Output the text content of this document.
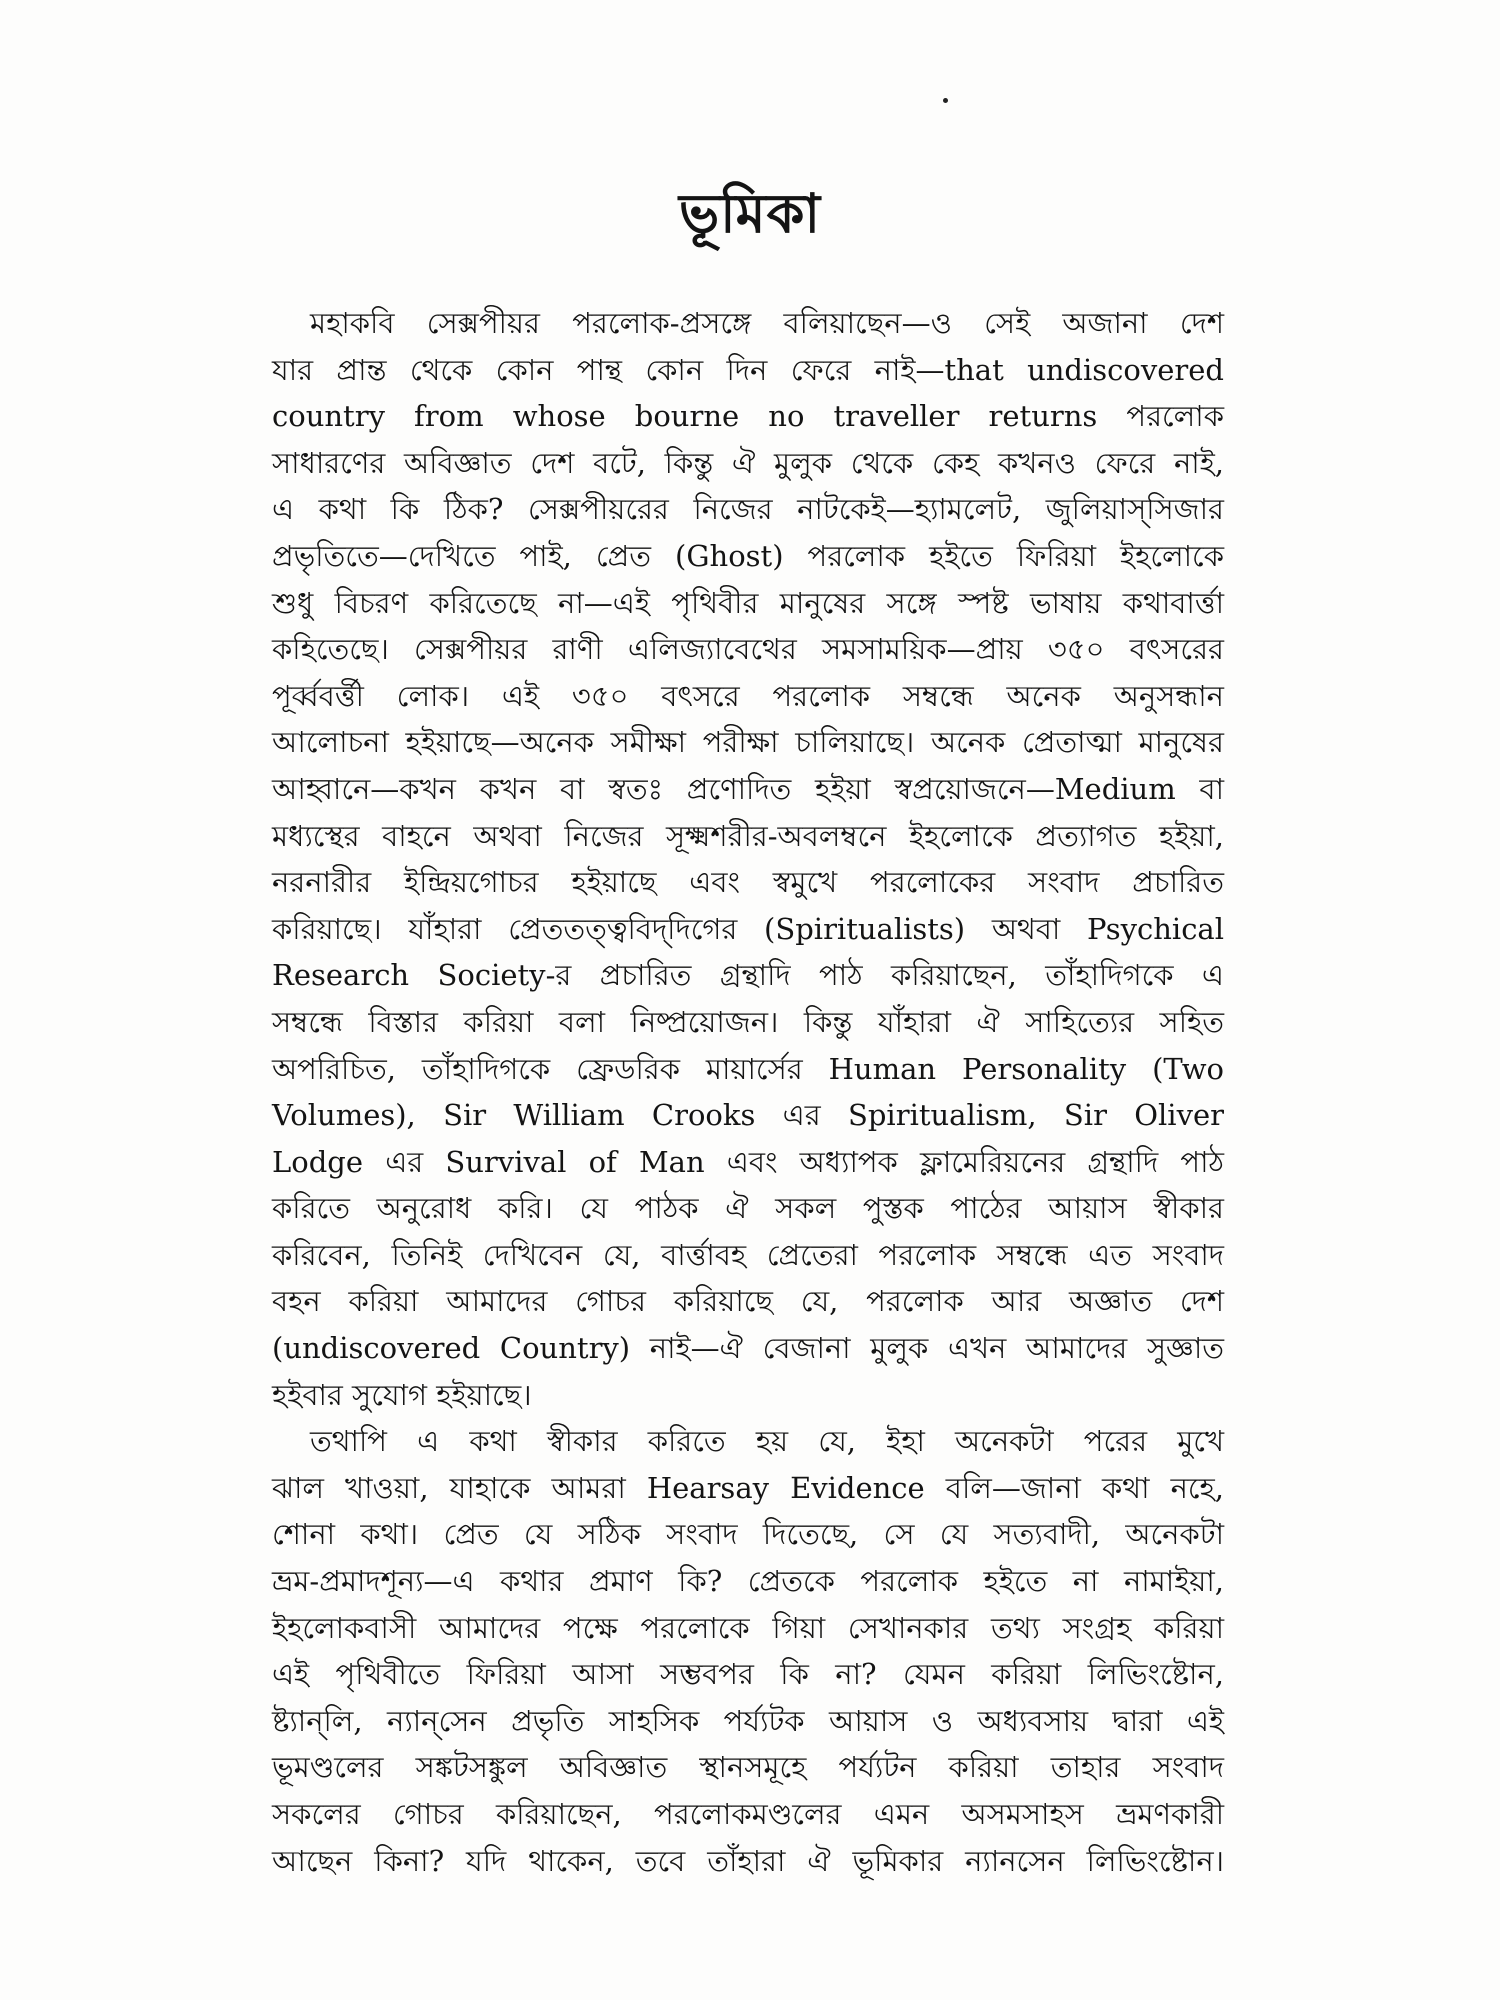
ভূমিকা
মহাকবি সেক্সপীয়র পরলোক-প্রসঙ্গে বলিয়াছেন—ও সেই অজানা দেশ
যার প্রান্ত থেকে কোন পান্থ কোন দিন ফেরে নাই—that undiscovered
country from whose bourne no traveller returns পরলোক
সাধারণের অবিজ্ঞাত দেশ বটে, কিন্তু ঐ মুলুক থেকে কেহ কখনও ফেরে নাই,
এ কথা কি ঠিক? সেক্সপীয়রের নিজের নাটকেই—হ্যামলেট, জুলিয়াস্‌সিজার
প্রভৃতিতে—দেখিতে পাই, প্রেত (Ghost) পরলোক হইতে ফিরিয়া ইহলোকে
শুধু বিচরণ করিতেছে না—এই পৃথিবীর মানুষের সঙ্গে স্পষ্ট ভাষায় কথাবার্ত্তা
কহিতেছে। সেক্সপীয়র রাণী এলিজ্যাবেথের সমসাময়িক—প্রায় ৩৫০ বৎসরের
পূর্ব্ববর্ত্তী লোক। এই ৩৫০ বৎসরে পরলোক সম্বন্ধে অনেক অনুসন্ধান
আলোচনা হইয়াছে—অনেক সমীক্ষা পরীক্ষা চালিয়াছে। অনেক প্রেতাত্মা মানুষের
আহ্বানে—কখন কখন বা স্বতঃ প্রণোদিত হইয়া স্বপ্রয়োজনে—Medium বা
মধ্যস্থের বাহনে অথবা নিজের সূক্ষ্মশরীর-অবলম্বনে ইহলোকে প্রত্যাগত হইয়া,
নরনারীর ইন্দ্রিয়গোচর হইয়াছে এবং স্বমুখে পরলোকের সংবাদ প্রচারিত
করিয়াছে। যাঁহারা প্রেততত্ত্ববিদ্‌দিগের (Spiritualists) অথবা Psychical
Research Society-র প্রচারিত গ্রন্থাদি পাঠ করিয়াছেন, তাঁহাদিগকে এ
সম্বন্ধে বিস্তার করিয়া বলা নিষ্প্রয়োজন। কিন্তু যাঁহারা ঐ সাহিত্যের সহিত
অপরিচিত, তাঁহাদিগকে ফ্রেডরিক মায়ার্সের Human Personality (Two
Volumes), Sir William Crooks এর Spiritualism, Sir Oliver
Lodge এর Survival of Man এবং অধ্যাপক ফ্লামেরিয়নের গ্রন্থাদি পাঠ
করিতে অনুরোধ করি। যে পাঠক ঐ সকল পুস্তক পাঠের আয়াস স্বীকার
করিবেন, তিনিই দেখিবেন যে, বার্ত্তাবহ প্রেতেরা পরলোক সম্বন্ধে এত সংবাদ
বহন করিয়া আমাদের গোচর করিয়াছে যে, পরলোক আর অজ্ঞাত দেশ
(undiscovered Country) নাই—ঐ বেজানা মুলুক এখন আমাদের সুজ্ঞাত
হইবার সুযোগ হইয়াছে।
তথাপি এ কথা স্বীকার করিতে হয় যে, ইহা অনেকটা পরের মুখে
ঝাল খাওয়া, যাহাকে আমরা Hearsay Evidence বলি—জানা কথা নহে,
শোনা কথা। প্রেত যে সঠিক সংবাদ দিতেছে, সে যে সত্যবাদী, অনেকটা
ভ্রম-প্রমাদশূন্য—এ কথার প্রমাণ কি? প্রেতকে পরলোক হইতে না নামাইয়া,
ইহলোকবাসী আমাদের পক্ষে পরলোকে গিয়া সেখানকার তথ্য সংগ্রহ করিয়া
এই পৃথিবীতে ফিরিয়া আসা সম্ভবপর কি না? যেমন করিয়া লিভিংষ্টোন,
ষ্ট্যান্‌লি, ন্যান্‌সেন প্রভৃতি সাহসিক পর্য্যটক আয়াস ও অধ্যবসায় দ্বারা এই
ভূমণ্ডলের সঙ্কটসঙ্কুল অবিজ্ঞাত স্থানসমূহে পর্য্যটন করিয়া তাহার সংবাদ
সকলের গোচর করিয়াছেন, পরলোকমণ্ডলের এমন অসমসাহস ভ্রমণকারী
আছেন কিনা? যদি থাকেন, তবে তাঁহারা ঐ ভূমিকার ন্যানসেন লিভিংষ্টোন।
